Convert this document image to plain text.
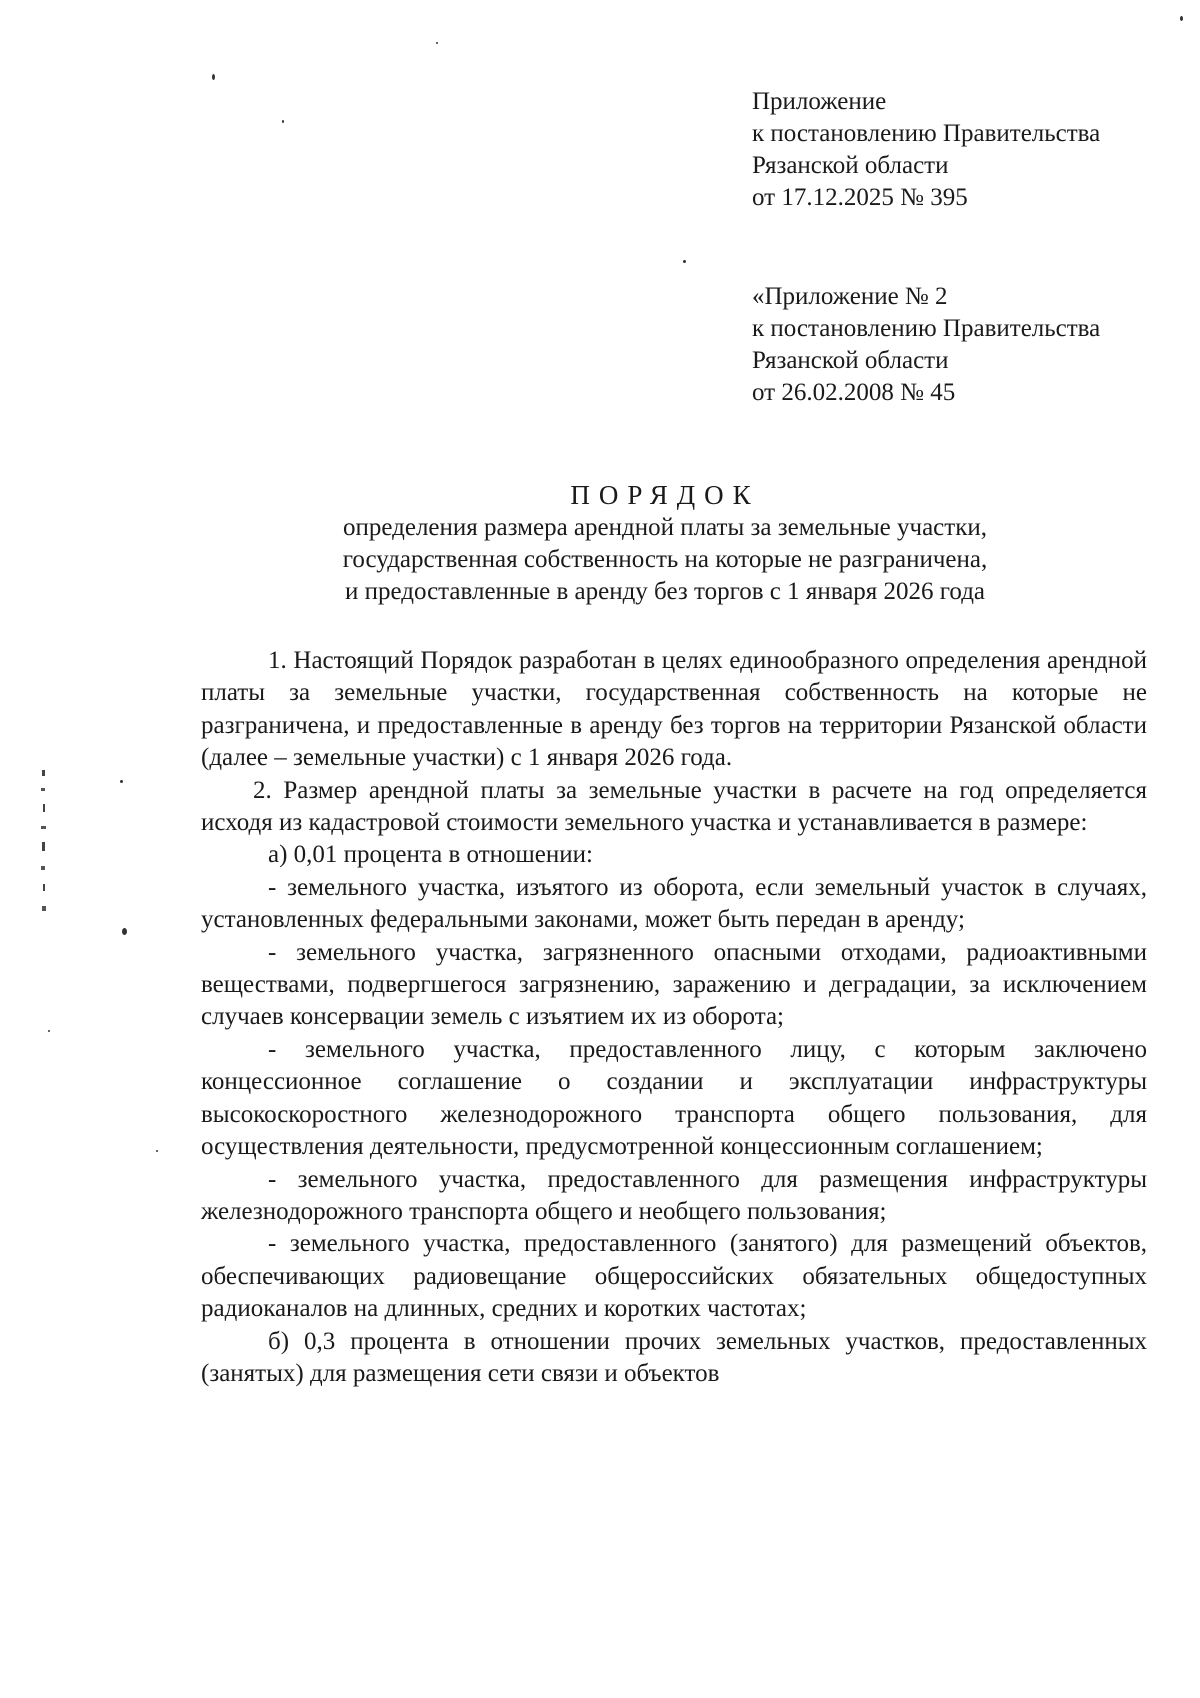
Приложение
к постановлению Правительства
Рязанской области
от 17.12.2025 № 395
«Приложение № 2
к постановлению Правительства
Рязанской области
от 26.02.2008 № 45
ПОРЯДОК
определения размера арендной платы за земельные участки,
государственная собственность на которые не разграничена,
и предоставленные в аренду без торгов с 1 января 2026 года

1. Настоящий Порядок разработан в целях единообразного определения арендной платы за земельные участки, государственная собственность на которые не разграничена, и предоставленные в аренду без торгов на территории Рязанской области (далее – земельные участки) с 1 января 2026 года.

2. Размер арендной платы за земельные участки в расчете на год определяется исходя из кадастровой стоимости земельного участка и устанавливается в размере:

а) 0,01 процента в отношении:

- земельного участка, изъятого из оборота, если земельный участок в случаях, установленных федеральными законами, может быть передан в аренду;

- земельного участка, загрязненного опасными отходами, радиоактивными веществами, подвергшегося загрязнению, заражению и деградации, за исключением случаев консервации земель с изъятием их из оборота;

- земельного участка, предоставленного лицу, с которым заключено концессионное соглашение о создании и эксплуатации инфраструктуры высокоскоростного железнодорожного транспорта общего пользования, для осуществления деятельности, предусмотренной концессионным соглашением;

- земельного участка, предоставленного для размещения инфраструктуры железнодорожного транспорта общего и необщего пользования;

- земельного участка, предоставленного (занятого) для размещений объектов, обеспечивающих радиовещание общероссийских обязательных общедоступных радиоканалов на длинных, средних и коротких частотах;

б) 0,3 процента в отношении прочих земельных участков, предоставленных (занятых) для размещения сети связи и объектов
